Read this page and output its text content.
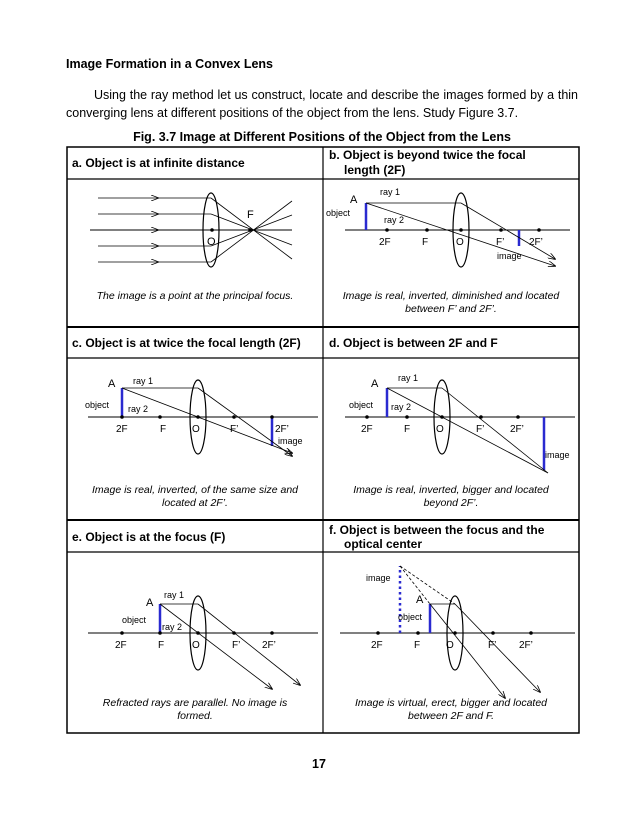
Image Formation in a Convex Lens
Using the ray method let us construct, locate and describe the images formed by a thin converging lens at different positions of the object from the lens. Study Figure 3.7.
Fig. 3.7 Image at Different Positions of the Object from the Lens
a. Object is at infinite distance
F
O
The image is a point at the principal focus.
b. Object is beyond twice the focal
length (2F)
A
object
ray 1
ray 2
2F	F	O	F’ 2F’
image
Image is real, inverted, diminished and located
between F’ and 2F’.
c. Object is at twice the focal length (2F)
A
object
ray 1
ray 2
2F	F	O	F’	2F’
image
Image is real, inverted, of the same size and
located at 2F’.
d. Object is between 2F and F
A
object
ray 1
ray 2
2F	F	O	F’	2F’
image
Image is real, inverted, bigger and located
beyond 2F’.
e. Object is at the focus (F)
A
object
ray 1
ray 2
2F	F	O	F’ 2F’
Refracted rays are parallel. No image is
formed.
f. Object is between the focus and the
optical center
image
A
object
2F	F	O	F’ 2F’
Image is virtual, erect, bigger and located
between 2F and F.
17
